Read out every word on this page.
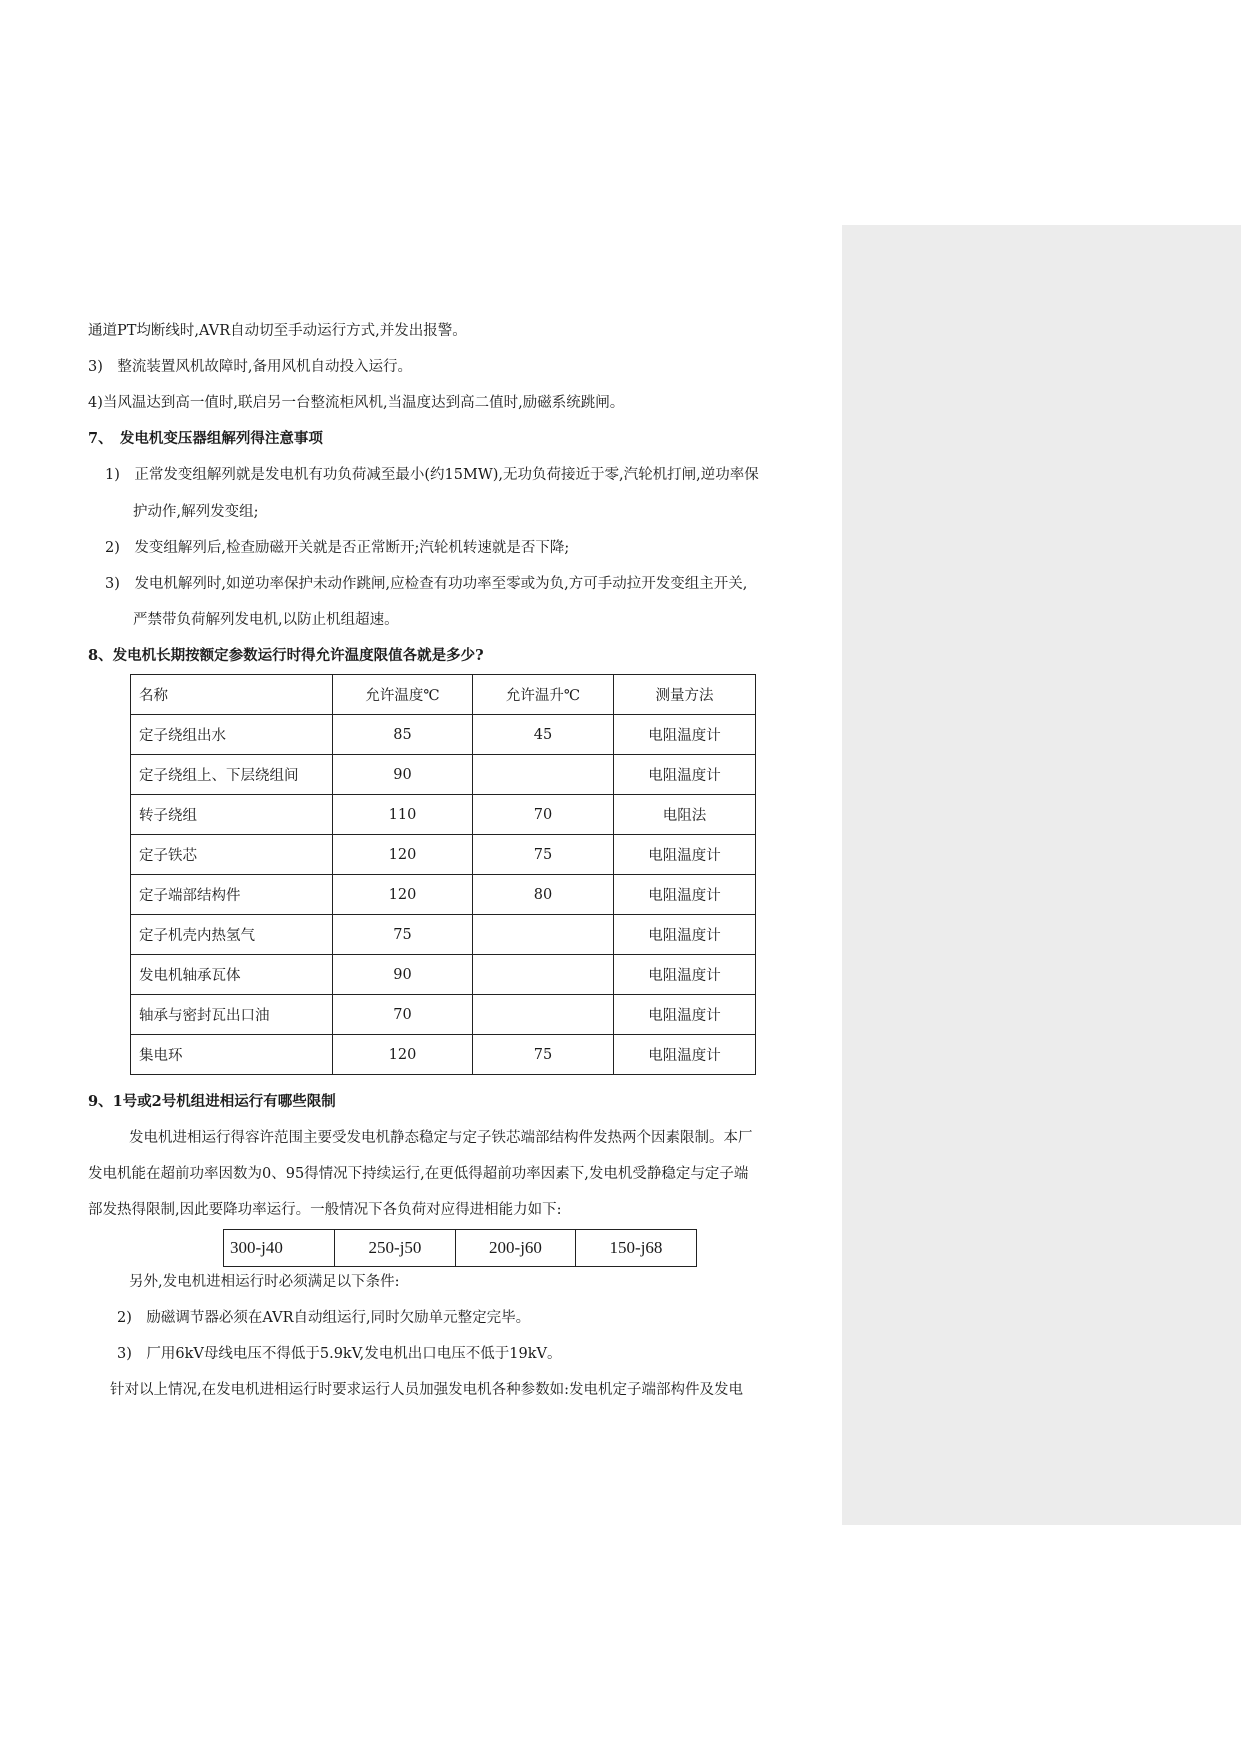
通道PT均断线时,AVR自动切至手动运行方式,并发出报警。
3)　整流装置风机故障时,备用风机自动投入运行。
4)当风温达到高一值时,联启另一台整流柜风机,当温度达到高二值时,励磁系统跳闸。
7、　发电机变压器组解列得注意事项
1)　正常发变组解列就是发电机有功负荷减至最小(约15MW),无功负荷接近于零,汽轮机打闸,逆功率保
护动作,解列发变组;
2)　发变组解列后,检查励磁开关就是否正常断开;汽轮机转速就是否下降;
3)　发电机解列时,如逆功率保护未动作跳闸,应检查有功功率至零或为负,方可手动拉开发变组主开关,
严禁带负荷解列发电机,以防止机组超速。
8、发电机长期按额定参数运行时得允许温度限值各就是多少?
名称	允许温度℃	允许温升℃	测量方法
定子绕组出水	85	45	电阻温度计
定子绕组上、下层绕组间	90		电阻温度计
转子绕组	110	70	电阻法
定子铁芯	120	75	电阻温度计
定子端部结构件	120	80	电阻温度计
定子机壳内热氢气	75		电阻温度计
发电机轴承瓦体	90		电阻温度计
轴承与密封瓦出口油	70		电阻温度计
集电环	120	75	电阻温度计
9、1号或2号机组进相运行有哪些限制
发电机进相运行得容许范围主要受发电机静态稳定与定子铁芯端部结构件发热两个因素限制。本厂
发电机能在超前功率因数为0、95得情况下持续运行,在更低得超前功率因素下,发电机受静稳定与定子端
部发热得限制,因此要降功率运行。一般情况下各负荷对应得进相能力如下:
300-j40	250-j50	200-j60	150-j68
另外,发电机进相运行时必须满足以下条件:
2)　励磁调节器必须在AVR自动组运行,同时欠励单元整定完毕。
3)　厂用6kV母线电压不得低于5.9kV,发电机出口电压不低于19kV。
针对以上情况,在发电机进相运行时要求运行人员加强发电机各种参数如:发电机定子端部构件及发电
